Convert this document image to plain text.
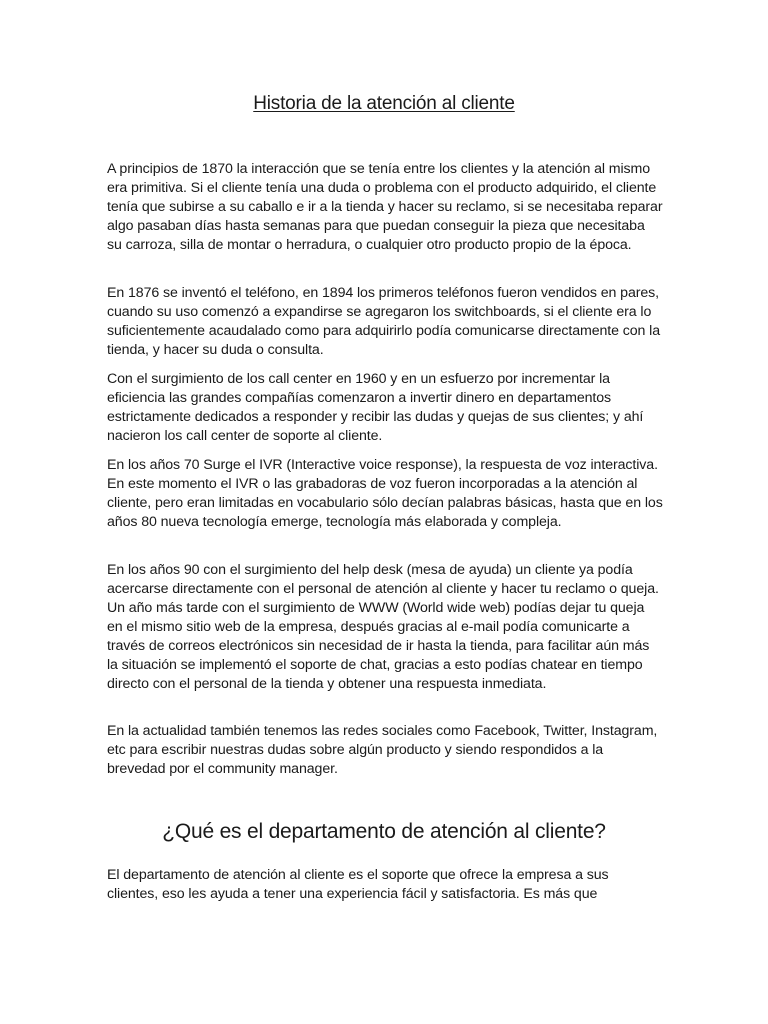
Historia de la atención al cliente

A principios de 1870 la interacción que se tenía entre los clientes y la atención al mismo era primitiva. Si el cliente tenía una duda o problema con el producto adquirido, el cliente tenía que subirse a su caballo e ir a la tienda y hacer su reclamo, si se necesitaba reparar algo pasaban días hasta semanas para que puedan conseguir la pieza que necesitaba su carroza, silla de montar o herradura, o cualquier otro producto propio de la época.

En 1876 se inventó el teléfono, en 1894 los primeros teléfonos fueron vendidos en pares, cuando su uso comenzó a expandirse se agregaron los switchboards, si el cliente era lo suficientemente acaudalado como para adquirirlo podía comunicarse directamente con la tienda, y hacer su duda o consulta.

Con el surgimiento de los call center en 1960 y en un esfuerzo por incrementar la eficiencia las grandes compañías comenzaron a invertir dinero en departamentos estrictamente dedicados a responder y recibir las dudas y quejas de sus clientes; y ahí nacieron los call center de soporte al cliente.

En los años 70 Surge el IVR (Interactive voice response), la respuesta de voz interactiva. En este momento el IVR o las grabadoras de voz fueron incorporadas a la atención al cliente, pero eran limitadas en vocabulario sólo decían palabras básicas, hasta que en los años 80 nueva tecnología emerge, tecnología más elaborada y compleja.

En los años 90 con el surgimiento del help desk (mesa de ayuda) un cliente ya podía acercarse directamente con el personal de atención al cliente y hacer tu reclamo o queja. Un año más tarde con el surgimiento de WWW (World wide web) podías dejar tu queja en el mismo sitio web de la empresa, después gracias al e-mail podía comunicarte a través de correos electrónicos sin necesidad de ir hasta la tienda, para facilitar aún más la situación se implementó el soporte de chat, gracias a esto podías chatear en tiempo directo con el personal de la tienda y obtener una respuesta inmediata.

En la actualidad también tenemos las redes sociales como Facebook, Twitter, Instagram, etc para escribir nuestras dudas sobre algún producto y siendo respondidos a la brevedad por el community manager.

¿Qué es el departamento de atención al cliente?

El departamento de atención al cliente es el soporte que ofrece la empresa a sus clientes, eso les ayuda a tener una experiencia fácil y satisfactoria. Es más que
